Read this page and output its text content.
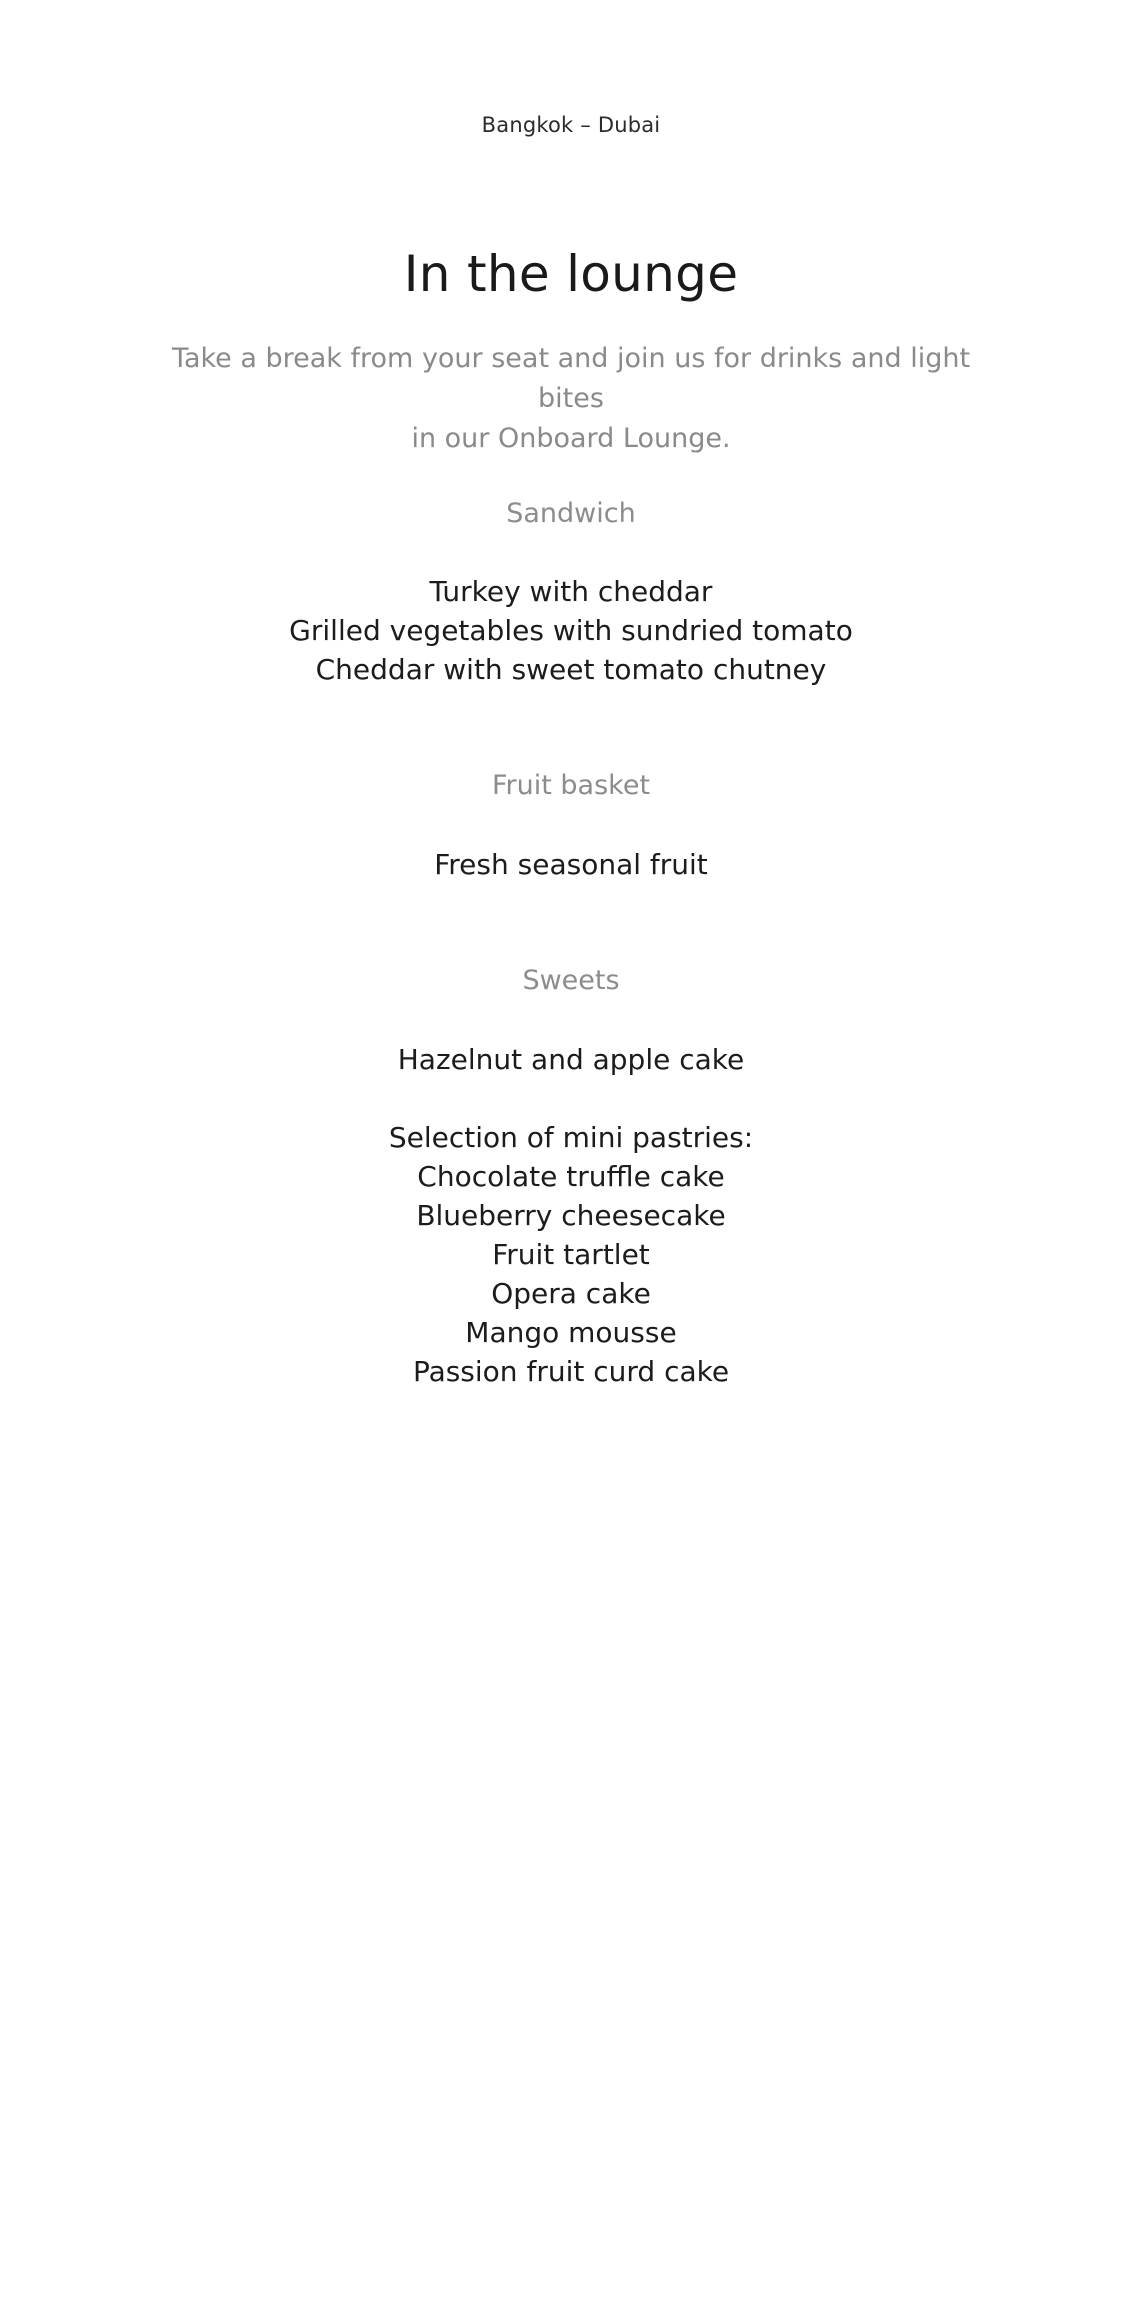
Bangkok – Dubai
In the lounge

Take a break from your seat and join us for drinks and light bites
in our Onboard Lounge.

Sandwich
Turkey with cheddar
Grilled vegetables with sundried tomato
Cheddar with sweet tomato chutney
Fruit basket
Fresh seasonal fruit
Sweets
Hazelnut and apple cake
Selection of mini pastries:
Chocolate truffle cake
Blueberry cheesecake
Fruit tartlet
Opera cake
Mango mousse
Passion fruit curd cake
